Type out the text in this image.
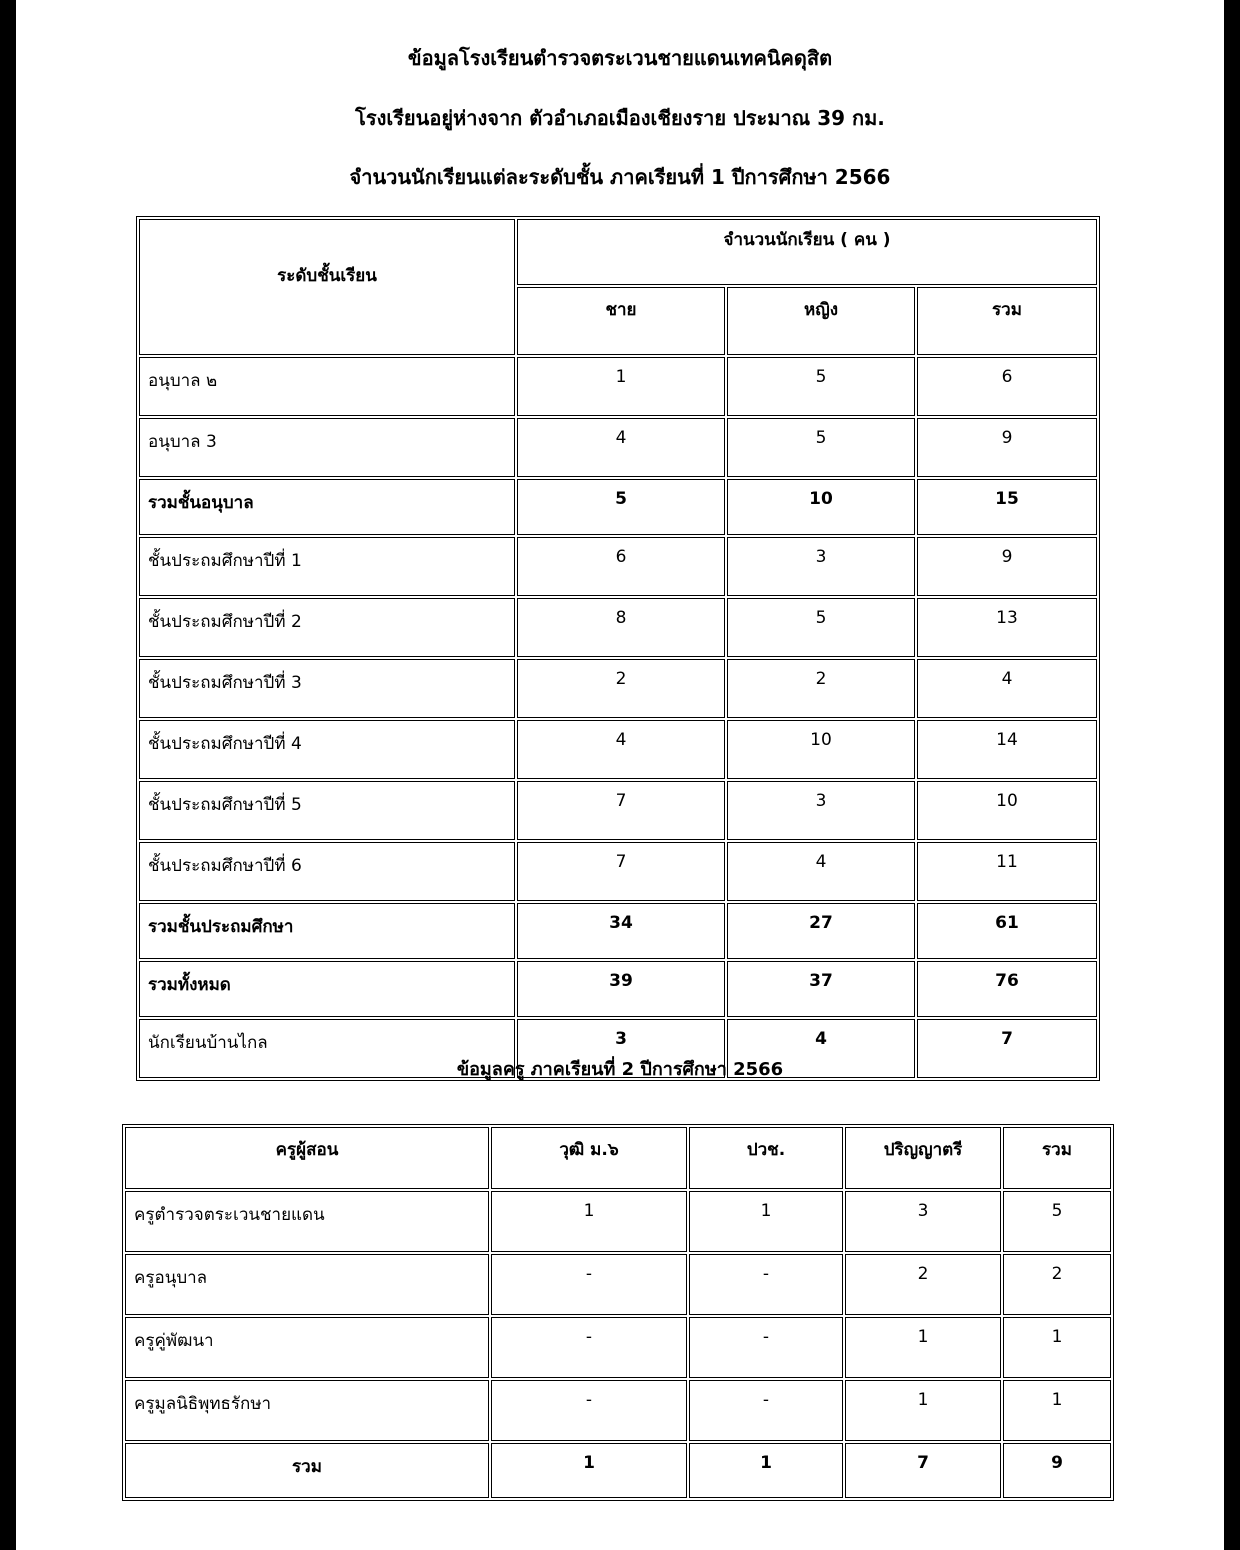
ข้อมูลโรงเรียนตำรวจตระเวนชายแดนเทคนิคดุสิต
โรงเรียนอยู่ห่างจาก ตัวอำเภอเมืองเชียงราย ประมาณ 39 กม.
จำนวนนักเรียนแต่ละระดับชั้น ภาคเรียนที่ 1 ปีการศึกษา 2566
ระดับชั้นเรียน	จำนวนนักเรียน ( คน )		
	ชาย	หญิง	รวม
อนุบาล ๒	1	5	6
อนุบาล 3	4	5	9
รวมชั้นอนุบาล	5	10	15
ชั้นประถมศึกษาปีที่ 1	6	3	9
ชั้นประถมศึกษาปีที่ 2	8	5	13
ชั้นประถมศึกษาปีที่ 3	2	2	4
ชั้นประถมศึกษาปีที่ 4	4	10	14
ชั้นประถมศึกษาปีที่ 5	7	3	10
ชั้นประถมศึกษาปีที่ 6	7	4	11
รวมชั้นประถมศึกษา	34	27	61
รวมทั้งหมด	39	37	76
นักเรียนบ้านไกล	3	4	7
ข้อมูลครู ภาคเรียนที่ 2 ปีการศึกษา 2566
ครูผู้สอน	วุฒิ ม.๖	ปวช.	ปริญญาตรี	รวม
ครูตำรวจตระเวนชายแดน	1	1	3	5
ครูอนุบาล	-	-	2	2
ครูคู่พัฒนา	-	-	1	1
ครูมูลนิธิพุทธรักษา	-	-	1	1
รวม	1	1	7	9
